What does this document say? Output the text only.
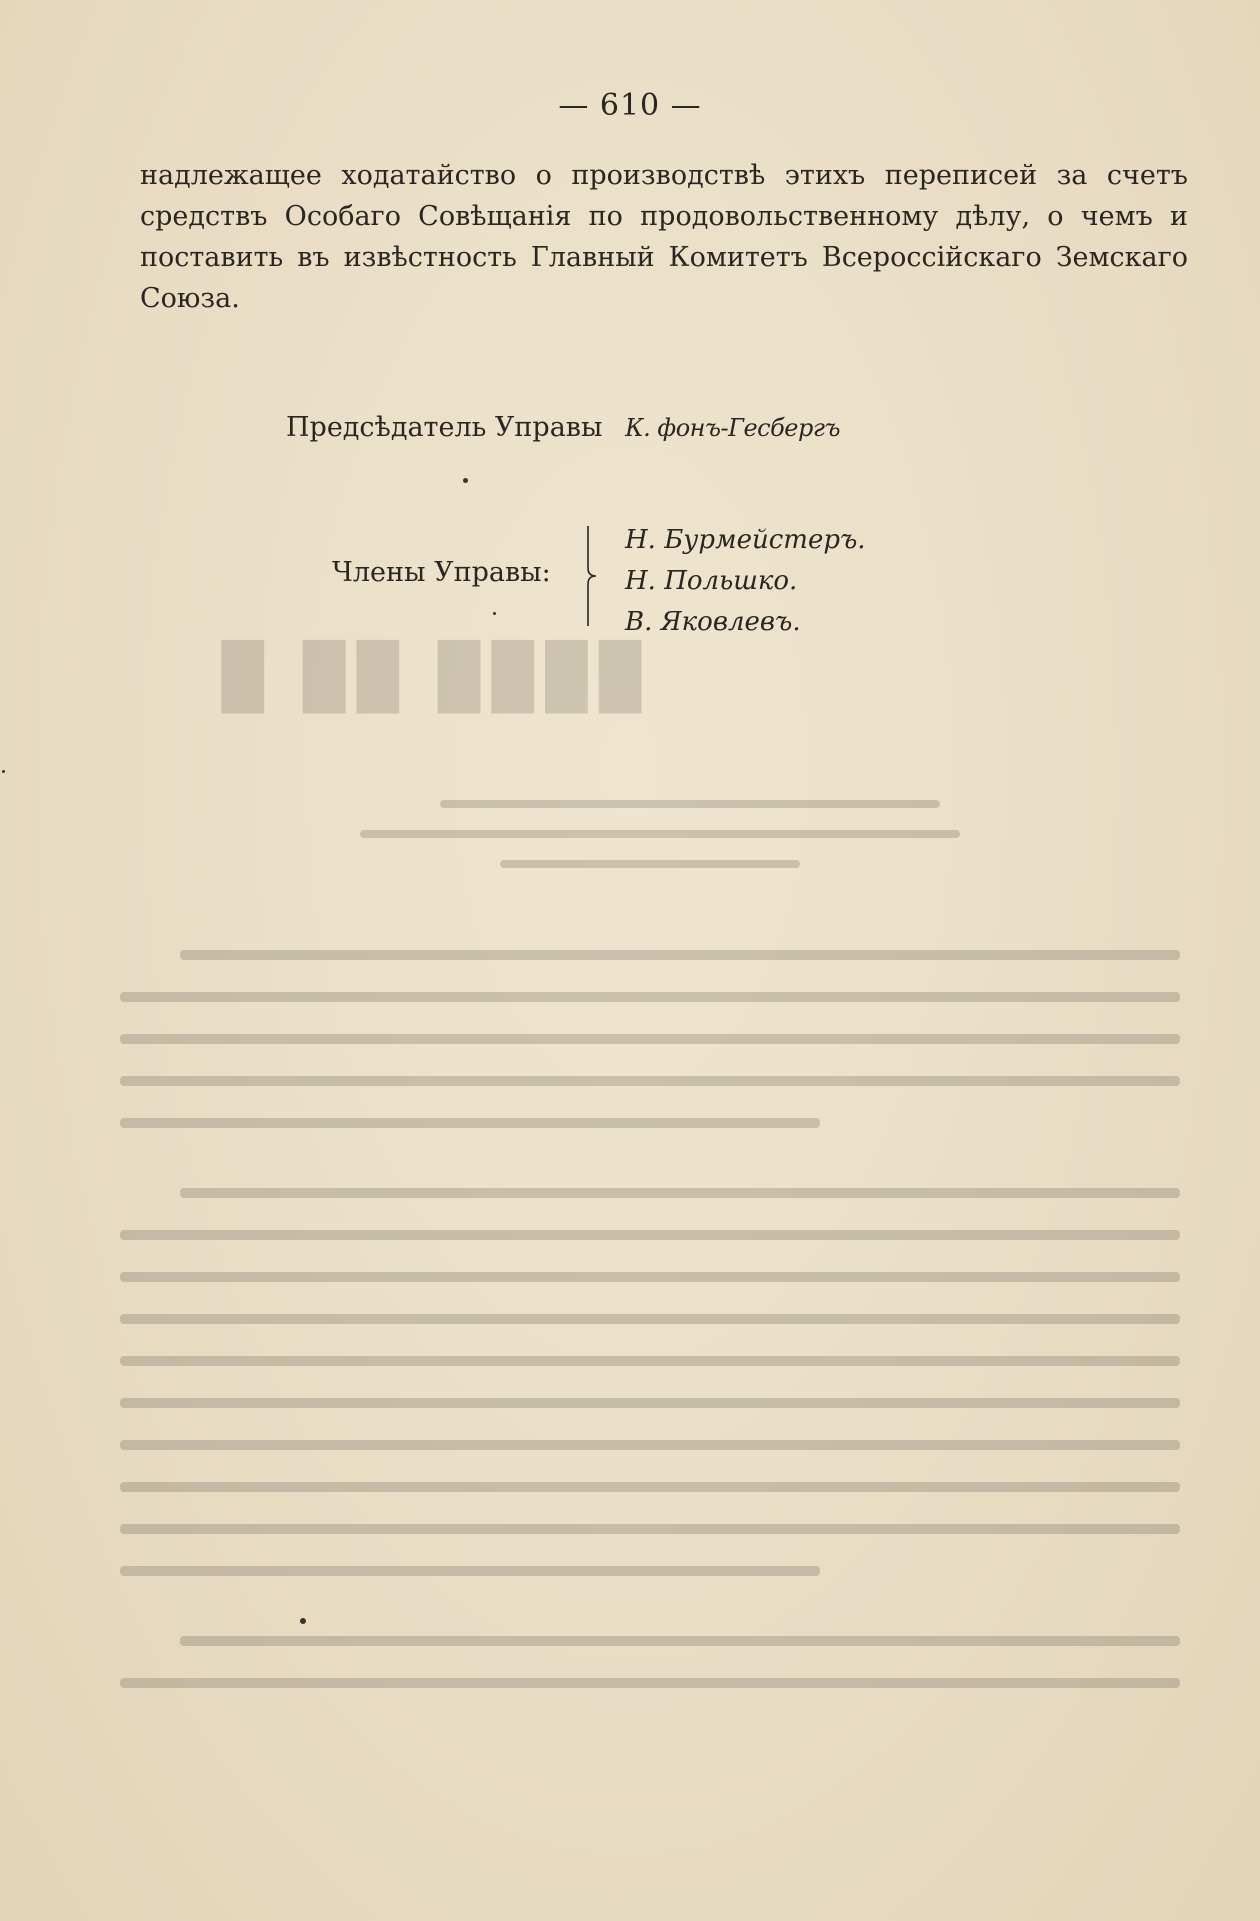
▉▉▉▉ ▉▉ ▉
— 610 —
надлежащее ходатайство о производствѣ этихъ переписей за счетъ
средствъ Особаго Совѣщанія по продовольственному дѣлу, о чемъ и
поставить въ извѣстность Главный Комитетъ Всероссійскаго Земскаго
Союза.
Предсѣдатель Управы К. фонъ-Гесбергъ
Члены Управы:
Н. Бурмейстеръ.
Н. Польшко.
В. Яковлевъ.
